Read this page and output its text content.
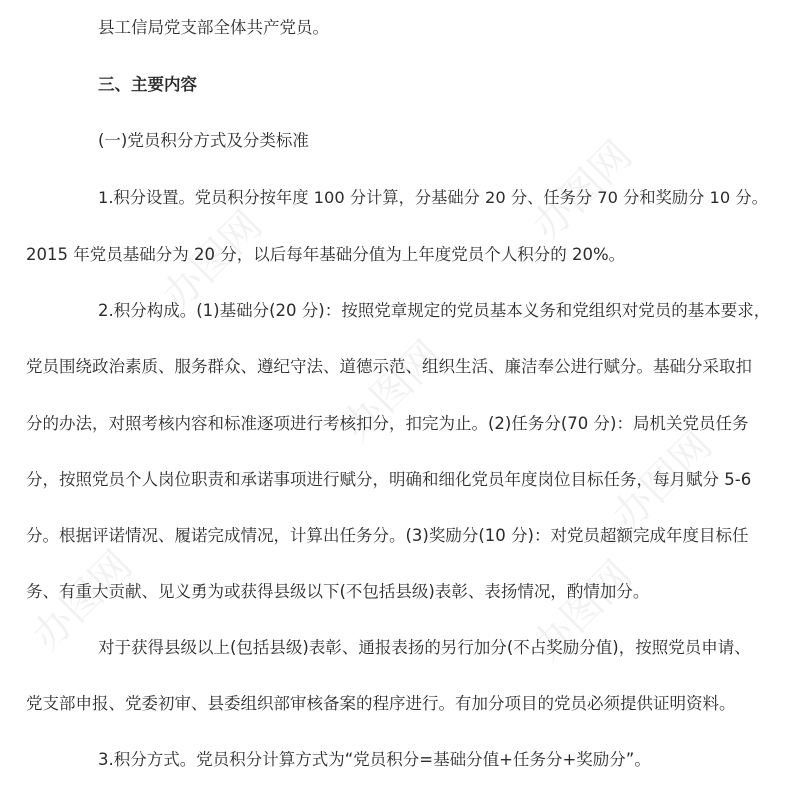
办图网
办图网
办图网
办图网
办图网	办图网
县工信局党支部全体共产党员。
三、主要内容
(一)党员积分方式及分类标准
1.积分设置。党员积分按年度 100 分计算，分基础分 20 分、任务分 70 分和奖励分 10 分。
2015 年党员基础分为 20 分，以后每年基础分值为上年度党员个人积分的 20%。
2.积分构成。(1)基础分(20 分)：按照党章规定的党员基本义务和党组织对党员的基本要求，
党员围绕政治素质、服务群众、遵纪守法、道德示范、组织生活、廉洁奉公进行赋分。基础分采取扣
分的办法，对照考核内容和标准逐项进行考核扣分，扣完为止。(2)任务分(70 分)：局机关党员任务
分，按照党员个人岗位职责和承诺事项进行赋分，明确和细化党员年度岗位目标任务，每月赋分 5-6
分。根据评诺情况、履诺完成情况，计算出任务分。(3)奖励分(10 分)：对党员超额完成年度目标任
务、有重大贡献、见义勇为或获得县级以下(不包括县级)表彰、表扬情况，酌情加分。
对于获得县级以上(包括县级)表彰、通报表扬的另行加分(不占奖励分值)，按照党员申请、
党支部申报、党委初审、县委组织部审核备案的程序进行。有加分项目的党员必须提供证明资料。
3.积分方式。党员积分计算方式为“党员积分=基础分值+任务分+奖励分”。
